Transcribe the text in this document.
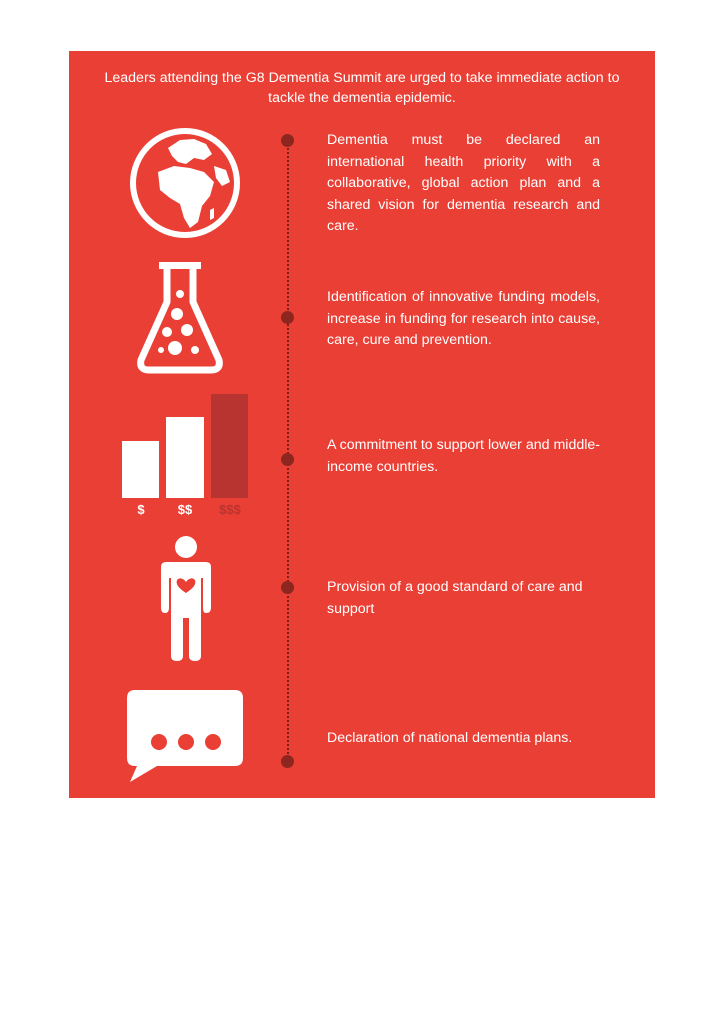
Leaders attending the G8 Dementia Summit are urged to take immediate action to tackle the dementia epidemic.
$	$$	$$$
Dementia must be declared an international health priority with a collaborative, global action plan and a shared vision for dementia research and care.
Identification of innovative funding models, increase in funding for research into cause, care, cure and prevention.
A commitment to support lower and middle-income countries.
Provision of a good standard of care and support
Declaration of national dementia plans.
